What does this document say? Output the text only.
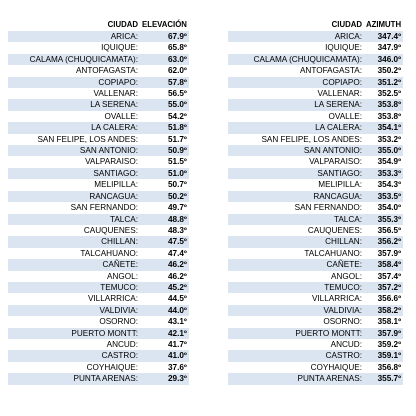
CIUDAD	ELEVACIÓN
ARICA:	67.9º
IQUIQUE:	65.8º
CALAMA (CHUQUICAMATA):	63.0º
ANTOFAGASTA:	62.0º
COPIAPO:	57.8º
VALLENAR:	56.5º
LA SERENA:	55.0º
OVALLE:	54.2º
LA CALERA:	51.8º
SAN FELIPE, LOS ANDES:	51.7º
SAN ANTONIO:	50.9º
VALPARAISO:	51.5º
SANTIAGO:	51.0º
MELIPILLA:	50.7º
RANCAGUA:	50.2º
SAN FERNANDO:	49.7º
TALCA:	48.8º
CAUQUENES:	48.3º
CHILLAN:	47.5º
TALCAHUANO:	47.4º
CAÑETE:	46.2º
ANGOL:	46.2º
TEMUCO:	45.2º
VILLARRICA:	44.5º
VALDIVIA:	44.0º
OSORNO:	43.1º
PUERTO MONTT:	42.1º
ANCUD:	41.7º
CASTRO:	41.0º
COYHAIQUE:	37.6º
PUNTA ARENAS:	29.3º
CIUDAD	AZIMUTH
ARICA:	347.4º
IQUIQUE:	347.9º
CALAMA (CHUQUICAMATA):	346.0º
ANTOFAGASTA:	350.2º
COPIAPO:	351.2º
VALLENAR:	352.5º
LA SERENA:	353.8º
OVALLE:	353.8º
LA CALERA:	354.1º
SAN FELIPE, LOS ANDES:	353.2º
SAN ANTONIO:	355.0º
VALPARAISO:	354.9º
SANTIAGO:	353.3º
MELIPILLA:	354.3º
RANCAGUA:	353.5º
SAN FERNANDO:	354.0º
TALCA:	355.3º
CAUQUENES:	356.5º
CHILLAN:	356.2º
TALCAHUANO:	357.9º
CAÑETE:	358.4º
ANGOL:	357.4º
TEMUCO:	357.2º
VILLARRICA:	356.6º
VALDIVIA:	358.2º
OSORNO:	358.1º
PUERTO MONTT:	357.9º
ANCUD:	359.2º
CASTRO:	359.1º
COYHAIQUE:	356.8º
PUNTA ARENAS:	355.7º
